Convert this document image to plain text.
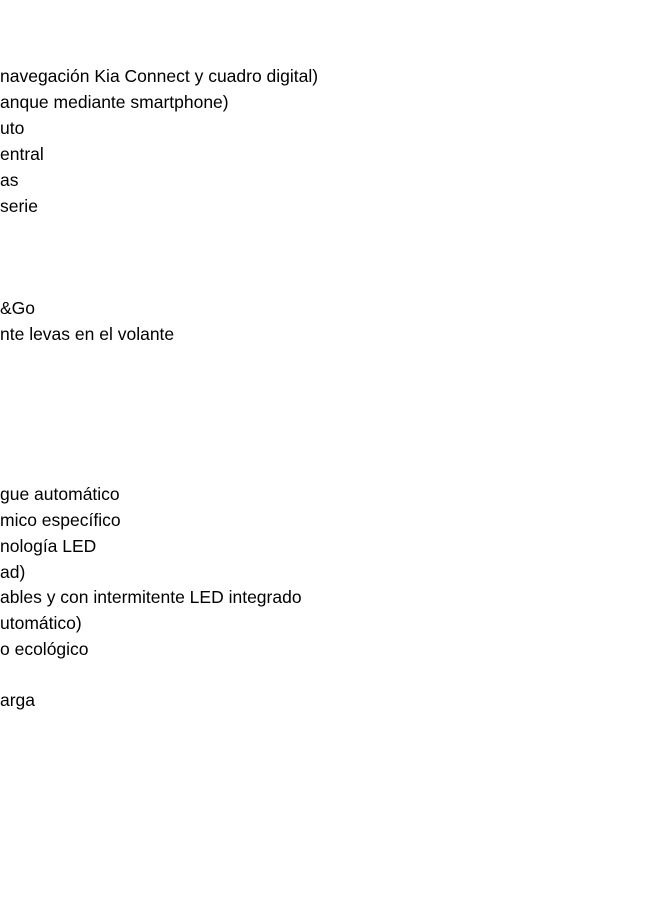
navegación Kia Connect y cuadro digital)
anque mediante smartphone)
uto
entral
as
serie
&Go
nte levas en el volante
gue automático
mico específico
nología LED
ad)
ables y con intermitente LED integrado
utomático)
o ecológico
arga
